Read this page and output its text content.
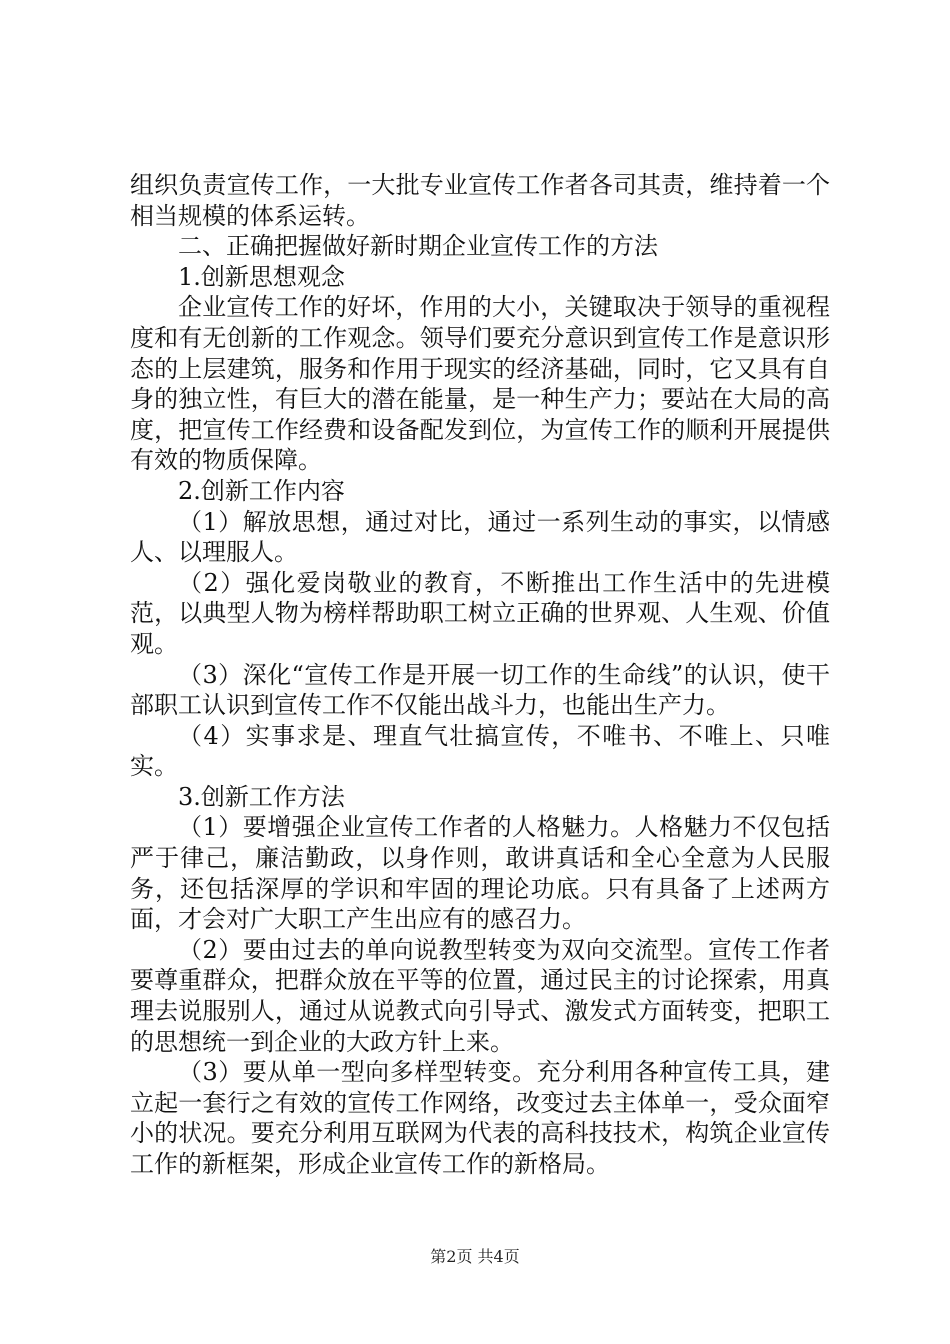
组织负责宣传工作，一大批专业宣传工作者各司其责，维持着一个相当规模的体系运转。

二、正确把握做好新时期企业宣传工作的方法

1.创新思想观念

企业宣传工作的好坏，作用的大小，关键取决于领导的重视程度和有无创新的工作观念。领导们要充分意识到宣传工作是意识形态的上层建筑，服务和作用于现实的经济基础，同时，它又具有自身的独立性，有巨大的潜在能量，是一种生产力；要站在大局的高度，把宣传工作经费和设备配发到位，为宣传工作的顺利开展提供有效的物质保障。

2.创新工作内容

（1）解放思想，通过对比，通过一系列生动的事实，以情感人、以理服人。

（2）强化爱岗敬业的教育，不断推出工作生活中的先进模范，以典型人物为榜样帮助职工树立正确的世界观、人生观、价值观。

（3）深化“宣传工作是开展一切工作的生命线”的认识，使干部职工认识到宣传工作不仅能出战斗力，也能出生产力。

（4）实事求是、理直气壮搞宣传，不唯书、不唯上、只唯实。

3.创新工作方法

（1）要增强企业宣传工作者的人格魅力。人格魅力不仅包括严于律己，廉洁勤政，以身作则，敢讲真话和全心全意为人民服务，还包括深厚的学识和牢固的理论功底。只有具备了上述两方面，才会对广大职工产生出应有的感召力。

（2）要由过去的单向说教型转变为双向交流型。宣传工作者要尊重群众，把群众放在平等的位置，通过民主的讨论探索，用真理去说服别人，通过从说教式向引导式、激发式方面转变，把职工的思想统一到企业的大政方针上来。

（3）要从单一型向多样型转变。充分利用各种宣传工具，建立起一套行之有效的宣传工作网络，改变过去主体单一，受众面窄小的状况。要充分利用互联网为代表的高科技技术，构筑企业宣传工作的新框架，形成企业宣传工作的新格局。

第2页 共4页
